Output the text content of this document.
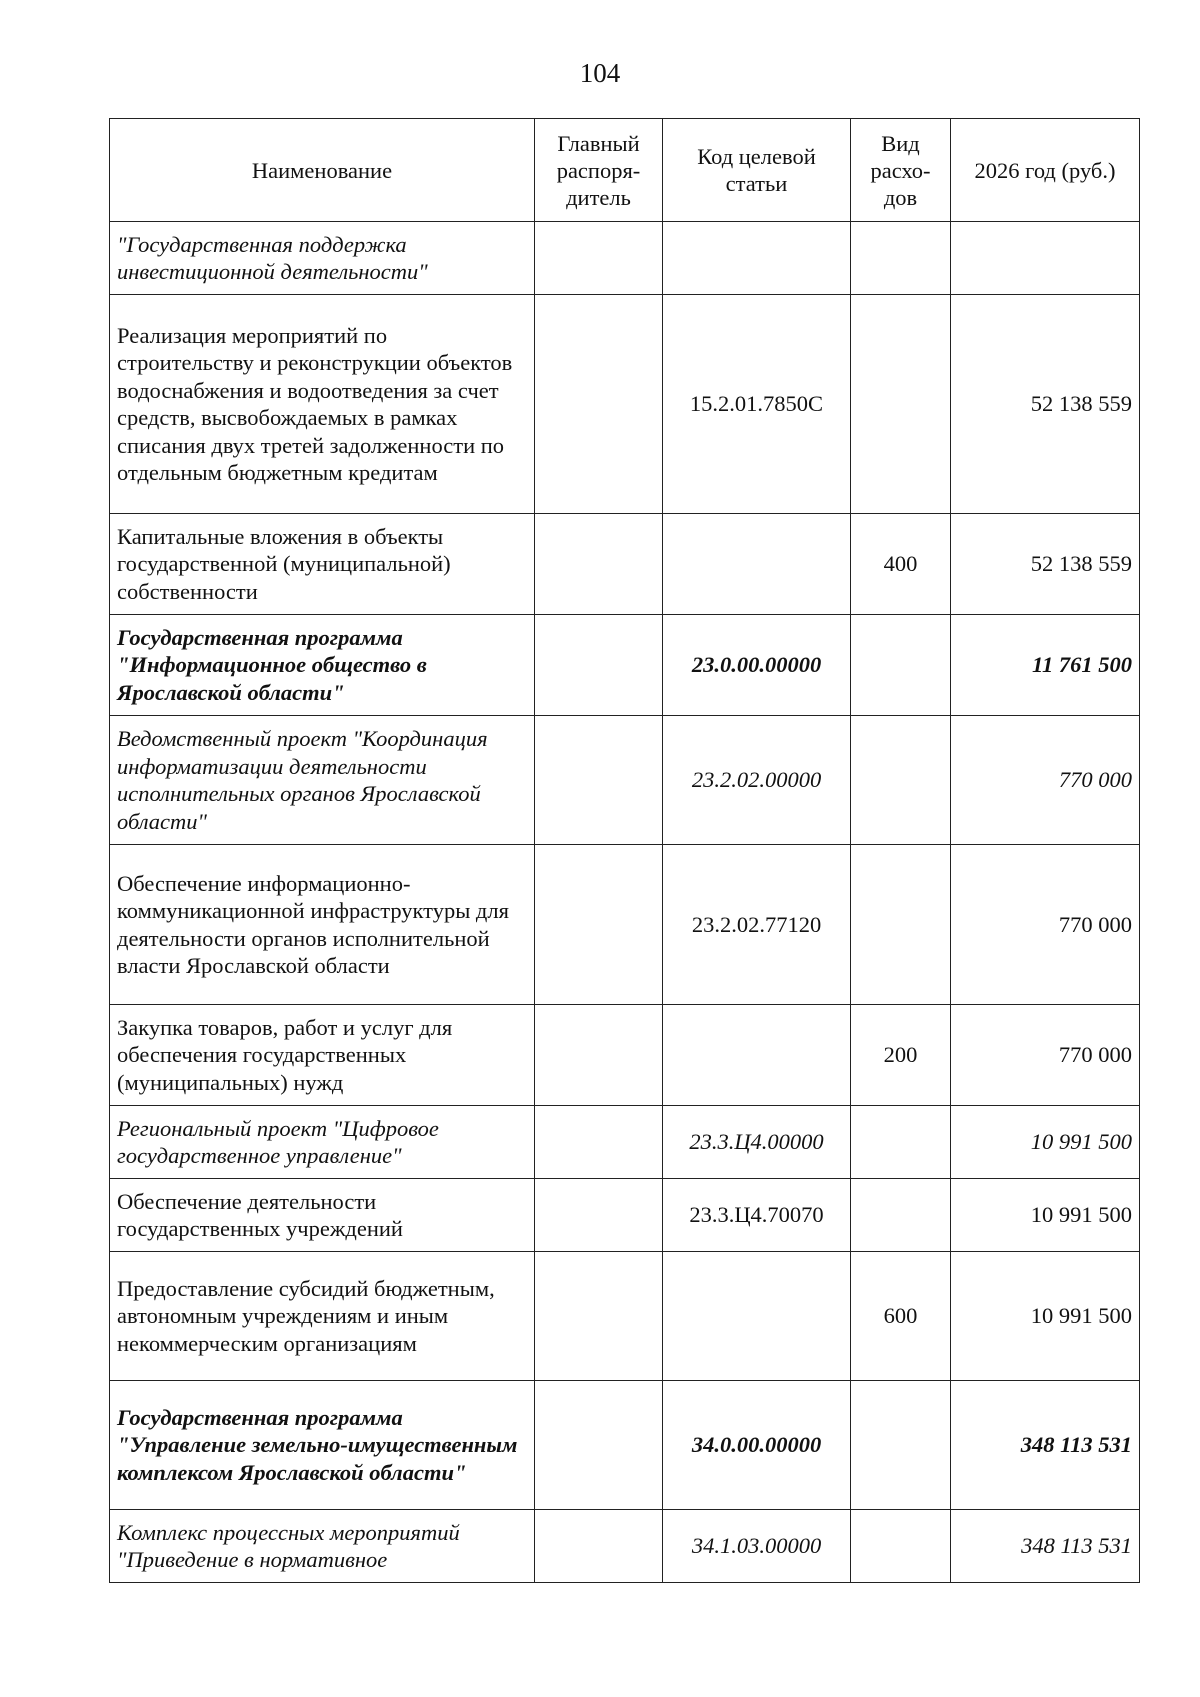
104
Наименование	Главный распоря-дитель	Код целевой статьи	Вид расхо-дов	2026 год (руб.)
"Государственная поддержка инвестиционной деятельности"				
Реализация мероприятий по строительству и реконструкции объектов водоснабжения и водоотведения за счет средств, высвобождаемых в рамках списания двух третей задолженности по отдельным бюджетным кредитам		15.2.01.7850С		52 138 559
Капитальные вложения в объекты государственной (муниципальной) собственности			400	52 138 559
Государственная программа "Информационное общество в Ярославской области"		23.0.00.00000		11 761 500
Ведомственный проект "Координация информатизации деятельности исполнительных органов Ярославской области"		23.2.02.00000		770 000
Обеспечение информационно-коммуникационной инфраструктуры для деятельности органов исполнительной власти Ярославской области		23.2.02.77120		770 000
Закупка товаров, работ и услуг для обеспечения государственных (муниципальных) нужд			200	770 000
Региональный проект "Цифровое государственное управление"		23.3.Ц4.00000		10 991 500
Обеспечение деятельности государственных учреждений		23.3.Ц4.70070		10 991 500
Предоставление субсидий бюджетным, автономным учреждениям и иным некоммерческим организациям			600	10 991 500
Государственная программа "Управление земельно-имущественным комплексом Ярославской области"		34.0.00.00000		348 113 531
Комплекс процессных мероприятий "Приведение в нормативное		34.1.03.00000		348 113 531
